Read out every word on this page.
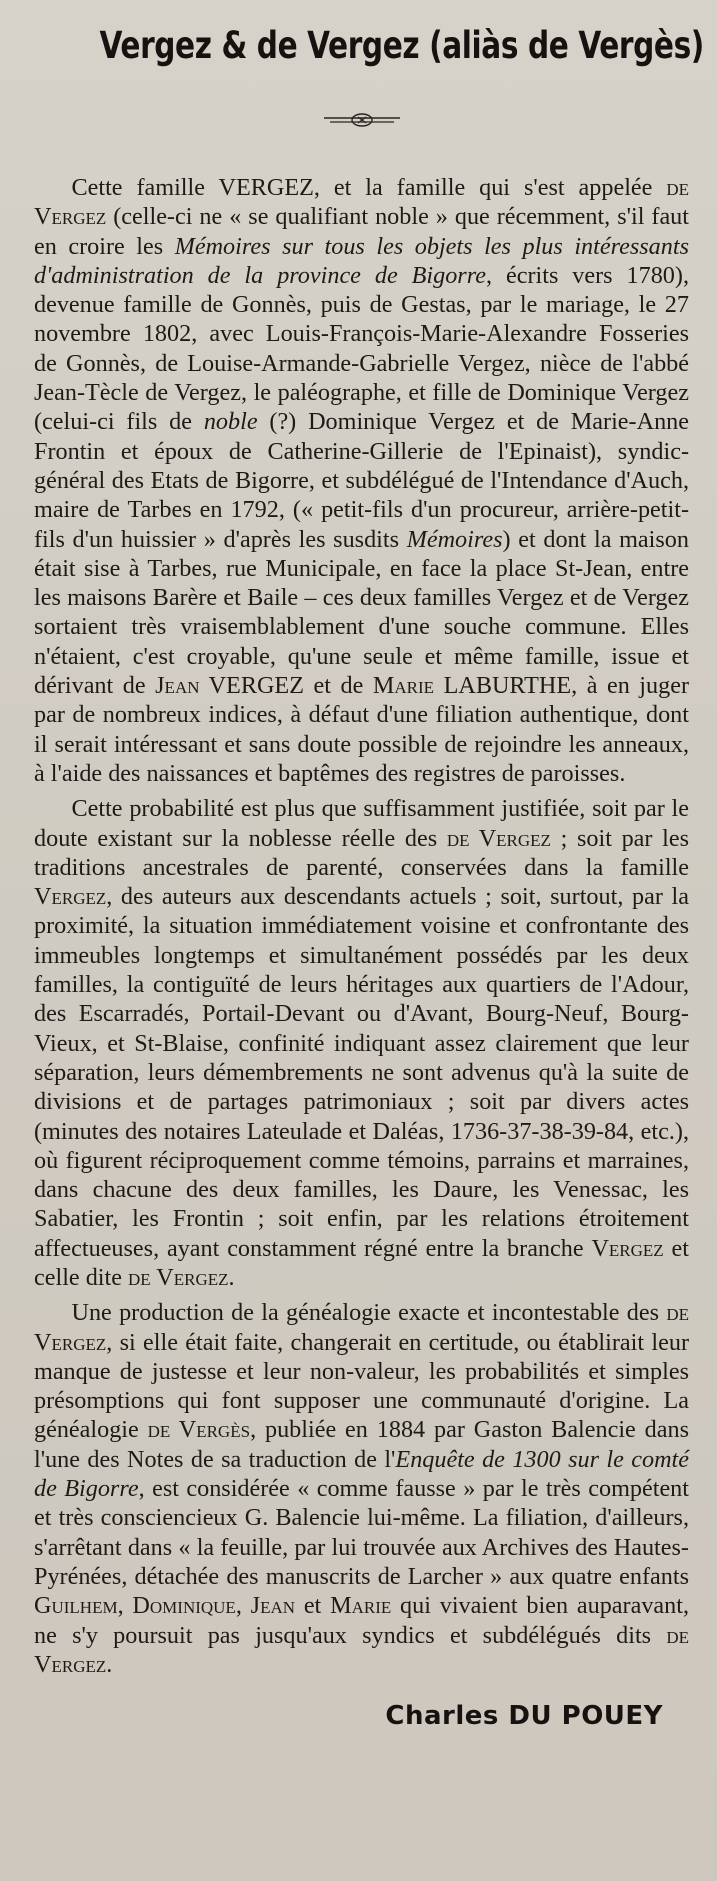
Vergez & de Vergez (aliàs de Vergès)

Cette famille VERGEZ, et la famille qui s'est appelée de Vergez (celle-ci ne « se qualifiant noble » que récemment, s'il faut en croire les Mémoires sur tous les objets les plus intéressants d'administration de la province de Bigorre, écrits vers 1780), devenue famille de Gonnès, puis de Gestas, par le mariage, le 27 novembre 1802, avec Louis-François-Marie-Alexandre Fosseries de Gonnès, de Louise-Armande-Gabrielle Vergez, nièce de l'abbé Jean-Tècle de Vergez, le paléographe, et fille de Dominique Vergez (celui-ci fils de noble (?) Dominique Vergez et de Marie-Anne Frontin et époux de Catherine-Gillerie de l'Epinaist), syndic-général des Etats de Bigorre, et subdélégué de l'Intendance d'Auch, maire de Tarbes en 1792, (« petit-fils d'un procureur, arrière-petit-fils d'un huissier » d'après les susdits Mémoires) et dont la maison était sise à Tarbes, rue Municipale, en face la place St-Jean, entre les maisons Barère et Baile – ces deux familles Vergez et de Vergez sortaient très vraisemblablement d'une souche commune. Elles n'étaient, c'est croyable, qu'une seule et même famille, issue et dérivant de Jean VERGEZ et de Marie LABURTHE, à en juger par de nombreux indices, à défaut d'une filiation authentique, dont il serait intéressant et sans doute possible de rejoindre les anneaux, à l'aide des naissances et baptêmes des registres de paroisses.

Cette probabilité est plus que suffisamment justifiée, soit par le doute existant sur la noblesse réelle des de Vergez ; soit par les traditions ancestrales de parenté, conservées dans la famille Vergez, des auteurs aux descendants actuels ; soit, surtout, par la proximité, la situation immédiatement voisine et confrontante des immeubles longtemps et simultanément possédés par les deux familles, la contiguïté de leurs héritages aux quartiers de l'Adour, des Escarradés, Portail-Devant ou d'Avant, Bourg-Neuf, Bourg-Vieux, et St-Blaise, confinité indiquant assez clairement que leur séparation, leurs démembrements ne sont advenus qu'à la suite de divisions et de partages patrimoniaux ; soit par divers actes (minutes des notaires Lateulade et Daléas, 1736-37-38-39-84, etc.), où figurent réciproquement comme témoins, parrains et marraines, dans chacune des deux familles, les Daure, les Venessac, les Sabatier, les Frontin ; soit enfin, par les relations étroitement affectueuses, ayant constamment régné entre la branche Vergez et celle dite de Vergez.

Une production de la généalogie exacte et incontestable des de Vergez, si elle était faite, changerait en certitude, ou établirait leur manque de justesse et leur non-valeur, les probabilités et simples présomptions qui font supposer une communauté d'origine. La généalogie de Vergès, publiée en 1884 par Gaston Balencie dans l'une des Notes de sa traduction de l'Enquête de 1300 sur le comté de Bigorre, est considérée « comme fausse » par le très compétent et très consciencieux G. Balencie lui-même. La filiation, d'ailleurs, s'arrêtant dans « la feuille, par lui trouvée aux Archives des Hautes-Pyrénées, détachée des manuscrits de Larcher » aux quatre enfants Guilhem, Dominique, Jean et Marie qui vivaient bien auparavant, ne s'y poursuit pas jusqu'aux syndics et subdélégués dits de Vergez.

Charles DU POUEY
